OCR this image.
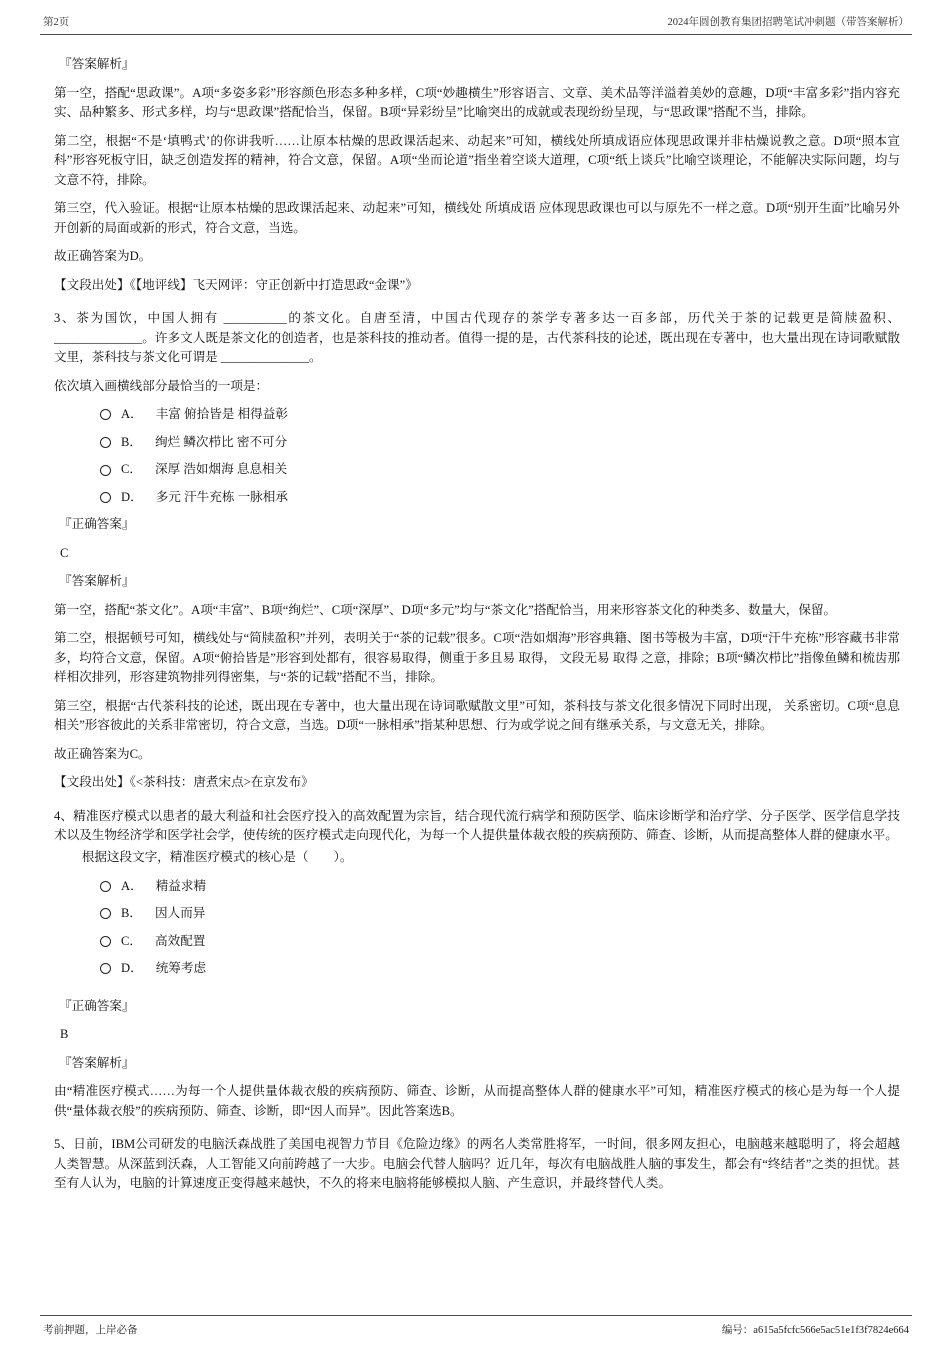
第2页	2024年圆创教育集团招聘笔试冲刺题（带答案解析）

『答案解析』

第一空，搭配“思政课”。A项“多姿多彩”形容颜色形态多种多样，C项“妙趣横生”形容语言、文章、美术品等洋溢着美妙的意趣，D项“丰富多彩”指内容充实、品种繁多、形式多样，均与“思政课”搭配恰当，保留。B项“异彩纷呈”比喻突出的成就或表现纷纷呈现，与“思政课”搭配不当，排除。

第二空，根据“不是‘填鸭式’的你讲我听……让原本枯燥的思政课活起来、动起来”可知，横线处所填成语应体现思政课并非枯燥说教之意。D项“照本宣科”形容死板守旧，缺乏创造发挥的精神，符合文意，保留。A项“坐而论道”指坐着空谈大道理，C项“纸上谈兵”比喻空谈理论，不能解决实际问题，均与文意不符，排除。

第三空，代入验证。根据“让原本枯燥的思政课活起来、动起来”可知，横线处 所填成语 应体现思政课也可以与原先不一样之意。D项“别开生面”比喻另外开创新的局面或新的形式，符合文意，当选。

故正确答案为D。

【文段出处】《【地评线】飞天网评：守正创新中打造思政“金课”》

3、茶为国饮，中国人拥有 __________的茶文化。自唐至清，中国古代现存的茶学专著多达一百多部，历代关于茶的记载更是简牍盈积、______________。许多文人既是茶文化的创造者，也是茶科技的推动者。值得一提的是，古代茶科技的论述，既出现在专著中，也大量出现在诗词歌赋散文里，茶科技与茶文化可谓是 ______________。

依次填入画横线部分最恰当的一项是：

A． 丰富 俯拾皆是 相得益彰
B． 绚烂 鳞次栉比 密不可分
C． 深厚 浩如烟海 息息相关
D． 多元 汗牛充栋 一脉相承

『正确答案』

C

『答案解析』

第一空，搭配“茶文化”。A项“丰富”、B项“绚烂”、C项“深厚”、D项“多元”均与“茶文化”搭配恰当，用来形容茶文化的种类多、数量大，保留。

第二空，根据顿号可知，横线处与“简牍盈积”并列，表明关于“茶的记载”很多。C项“浩如烟海”形容典籍、图书等极为丰富，D项“汗牛充栋”形容藏书非常多，均符合文意，保留。A项“俯拾皆是”形容到处都有，很容易取得，侧重于多且易 取得， 文段无易 取得 之意，排除；B项“鳞次栉比”指像鱼鳞和梳齿那样相次排列，形容建筑物排列得密集，与“茶的记载”搭配不当，排除。

第三空，根据“古代茶科技的论述，既出现在专著中，也大量出现在诗词歌赋散文里”可知，茶科技与茶文化很多情况下同时出现， 关系密切。C项“息息相关”形容彼此的关系非常密切，符合文意，当选。D项“一脉相承”指某种思想、行为或学说之间有继承关系，与文意无关，排除。

故正确答案为C。

【文段出处】《<茶科技：唐煮宋点>在京发布》

4、精准医疗模式以患者的最大利益和社会医疗投入的高效配置为宗旨，结合现代流行病学和预防医学、临床诊断学和治疗学、分子医学、医学信息学技术以及生物经济学和医学社会学，使传统的医疗模式走向现代化，为每一个人提供量体裁衣般的疾病预防、筛查、诊断，从而提高整体人群的健康水平。

根据这段文字，精准医疗模式的核心是（　　）。

A． 精益求精
B． 因人而异
C． 高效配置
D． 统筹考虑

『正确答案』

B

『答案解析』

由“精准医疗模式……为每一个人提供量体裁衣般的疾病预防、筛查、诊断，从而提高整体人群的健康水平”可知，精准医疗模式的核心是为每一个人提供“量体裁衣般”的疾病预防、筛查、诊断，即“因人而异”。因此答案选B。

5、日前，IBM公司研发的电脑沃森战胜了美国电视智力节目《危险边缘》的两名人类常胜将军，一时间，很多网友担心，电脑越来越聪明了，将会超越人类智慧。从深蓝到沃森，人工智能又向前跨越了一大步。电脑会代替人脑吗？近几年，每次有电脑战胜人脑的事发生，都会有“终结者”之类的担忧。甚至有人认为，电脑的计算速度正变得越来越快，不久的将来电脑将能够模拟人脑、产生意识，并最终替代人类。

考前押题，上岸必备	编号：a615a5fcfc566e5ac51e1f3f7824e664
